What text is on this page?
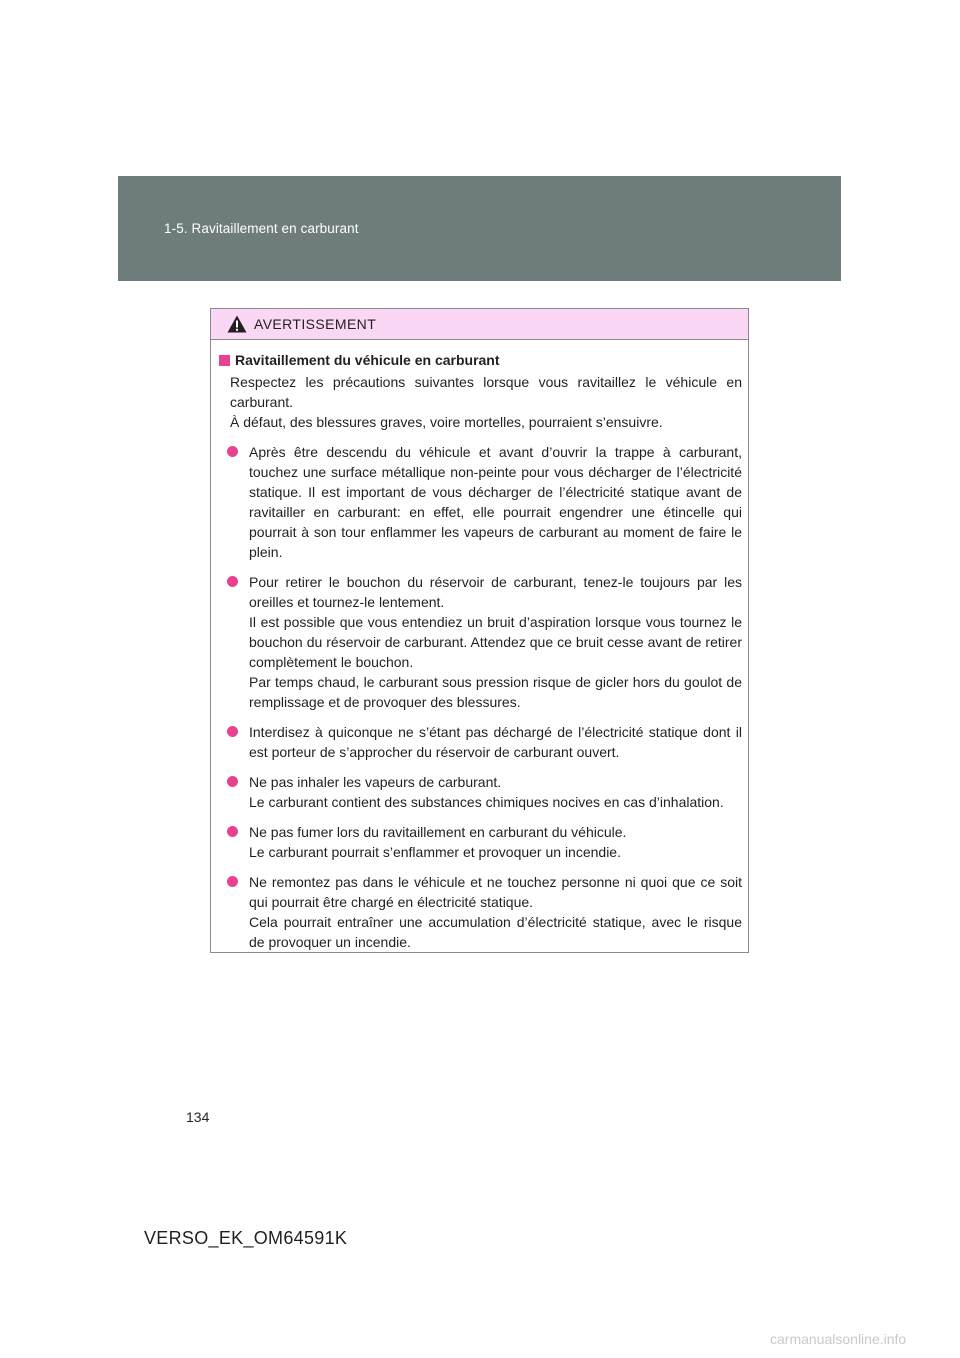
1-5. Ravitaillement en carburant
AVERTISSEMENT
Ravitaillement du véhicule en carburant

Respectez les précautions suivantes lorsque vous ravitaillez le véhicule en carburant.

À défaut, des blessures graves, voire mortelles, pourraient s’ensuivre.

Après être descendu du véhicule et avant d’ouvrir la trappe à carburant, touchez une surface métallique non-peinte pour vous décharger de l’électricité statique. Il est important de vous décharger de l’électricité statique avant de ravitailler en carburant: en effet, elle pourrait engendrer une étincelle qui pourrait à son tour enflammer les vapeurs de carburant au moment de faire le plein.

Pour retirer le bouchon du réservoir de carburant, tenez-le toujours par les oreilles et tournez-le lentement.

Il est possible que vous entendiez un bruit d’aspiration lorsque vous tournez le bouchon du réservoir de carburant. Attendez que ce bruit cesse avant de retirer complètement le bouchon.

Par temps chaud, le carburant sous pression risque de gicler hors du goulot de remplissage et de provoquer des blessures.

Interdisez à quiconque ne s’étant pas déchargé de l’électricité statique dont il est porteur de s’approcher du réservoir de carburant ouvert.

Ne pas inhaler les vapeurs de carburant.

Le carburant contient des substances chimiques nocives en cas d’inhalation.

Ne pas fumer lors du ravitaillement en carburant du véhicule.

Le carburant pourrait s’enflammer et provoquer un incendie.

Ne remontez pas dans le véhicule et ne touchez personne ni quoi que ce soit qui pourrait être chargé en électricité statique.

Cela pourrait entraîner une accumulation d’électricité statique, avec le risque de provoquer un incendie.

134
VERSO_EK_OM64591K
carmanualsonline.info
